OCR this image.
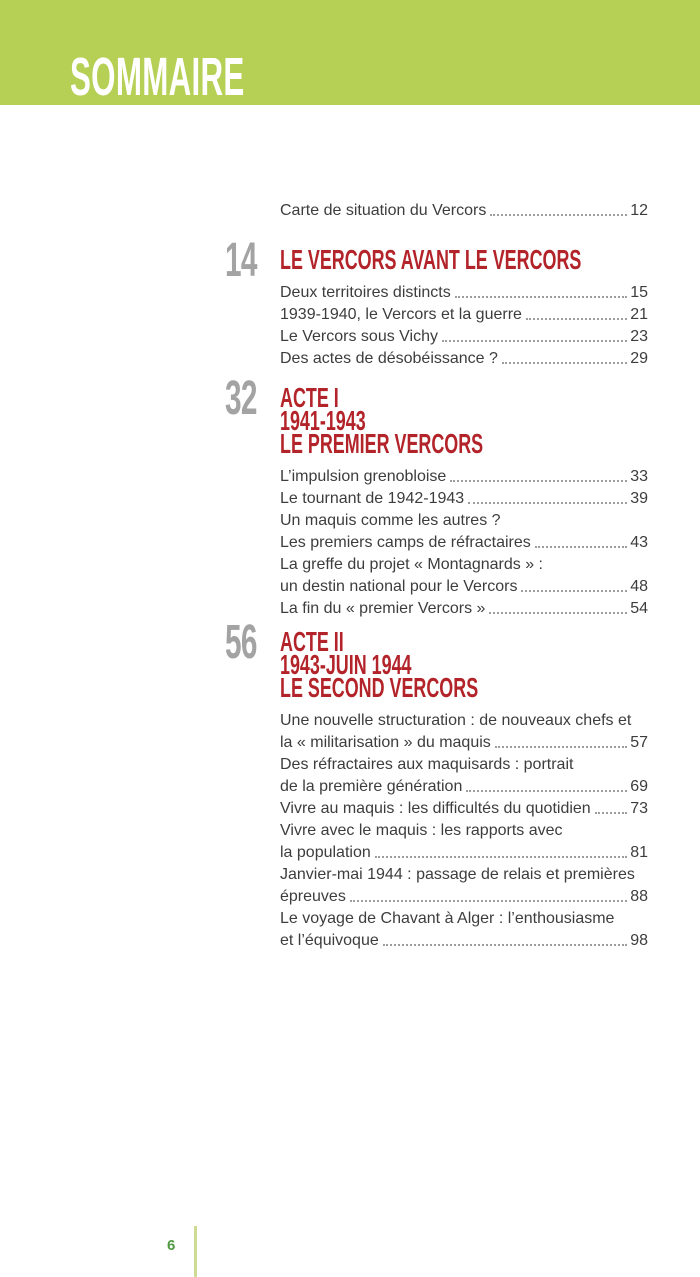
SOMMAIRE
Carte de situation du Vercors	12
14 LE VERCORS AVANT LE VERCORS
Deux territoires distincts	15
1939-1940, le Vercors et la guerre	21
Le Vercors sous Vichy	23
Des actes de désobéissance ?	29
32 ACTE I
1941-1943
LE PREMIER VERCORS
L’impulsion grenobloise	33
Le tournant de 1942-1943	39
Un maquis comme les autres ?
Les premiers camps de réfractaires	43
La greffe du projet « Montagnards » :
un destin national pour le Vercors	48
La fin du « premier Vercors »	54
56 ACTE II
1943-JUIN 1944
LE SECOND VERCORS
Une nouvelle structuration : de nouveaux chefs et
la « militarisation » du maquis	57
Des réfractaires aux maquisards : portrait
de la première génération	69
Vivre au maquis : les difficultés du quotidien 73
Vivre avec le maquis : les rapports avec
la population	81
Janvier-mai 1944 : passage de relais et premières
épreuves	88
Le voyage de Chavant à Alger : l’enthousiasme
et l’équivoque	98
6
